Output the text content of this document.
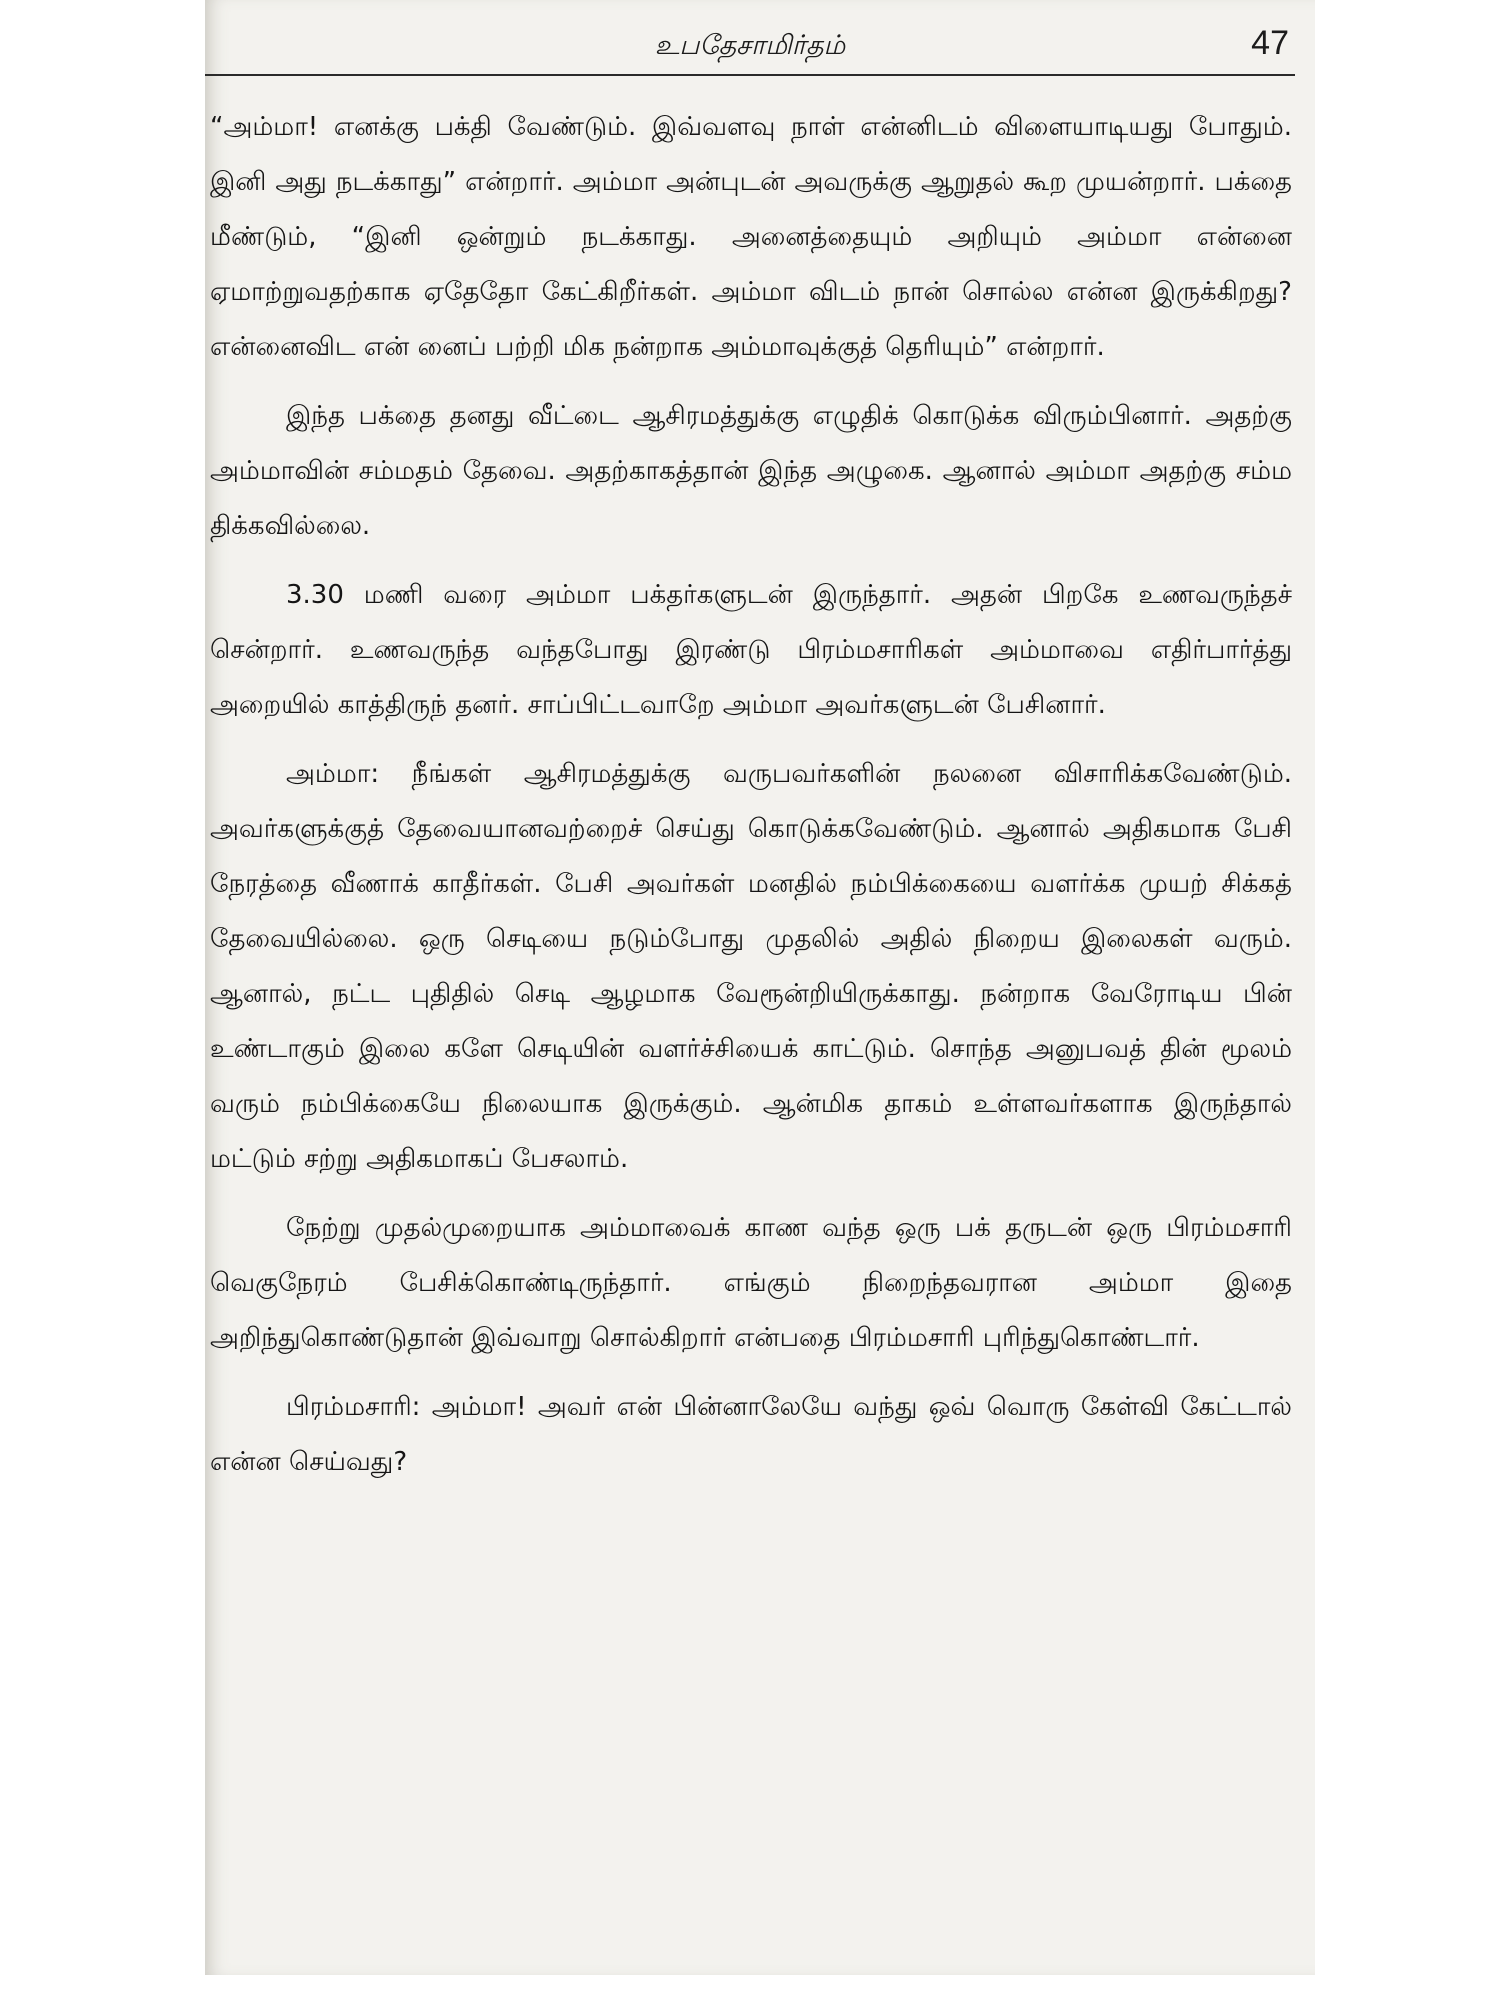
உபதேசாமிர்தம்	47

“அம்மா! எனக்கு பக்தி வேண்டும். இவ்வளவு நாள் என்னிடம் விளையாடியது போதும். இனி அது நடக்காது” என்றார். அம்மா அன்புடன் அவருக்கு ஆறுதல் கூற முயன்றார். பக்தை மீண்டும், “இனி ஒன்றும் நடக்காது. அனைத்தையும் அறியும் அம்மா என்னை ஏமாற்றுவதற்காக ஏதேதோ கேட்கிறீர்கள். அம்மா விடம் நான் சொல்ல என்ன இருக்கிறது? என்னைவிட என் னைப் பற்றி மிக நன்றாக அம்மாவுக்குத் தெரியும்” என்றார்.

இந்த பக்தை தனது வீட்டை ஆசிரமத்துக்கு எழுதிக் கொடுக்க விரும்பினார். அதற்கு அம்மாவின் சம்மதம் தேவை. அதற்காகத்தான் இந்த அழுகை. ஆனால் அம்மா அதற்கு சம்ம திக்கவில்லை.

3.30 மணி வரை அம்மா பக்தர்களுடன் இருந்தார். அதன் பிறகே உணவருந்தச் சென்றார். உணவருந்த வந்தபோது இரண்டு பிரம்மசாரிகள் அம்மாவை எதிர்பார்த்து அறையில் காத்திருந் தனர். சாப்பிட்டவாறே அம்மா அவர்களுடன் பேசினார்.

அம்மா: நீங்கள் ஆசிரமத்துக்கு வருபவர்களின் நலனை விசாரிக்கவேண்டும். அவர்களுக்குத் தேவையானவற்றைச் செய்து கொடுக்கவேண்டும். ஆனால் அதிகமாக பேசி நேரத்தை வீணாக் காதீர்கள். பேசி அவர்கள் மனதில் நம்பிக்கையை வளர்க்க முயற் சிக்கத் தேவையில்லை. ஒரு செடியை நடும்போது முதலில் அதில் நிறைய இலைகள் வரும். ஆனால், நட்ட புதிதில் செடி ஆழமாக வேரூன்றியிருக்காது. நன்றாக வேரோடிய பின் உண்டாகும் இலை களே செடியின் வளர்ச்சியைக் காட்டும். சொந்த அனுபவத் தின் மூலம் வரும் நம்பிக்கையே நிலையாக இருக்கும். ஆன்மிக தாகம் உள்ளவர்களாக இருந்தால் மட்டும் சற்று அதிகமாகப் பேசலாம்.

நேற்று முதல்முறையாக அம்மாவைக் காண வந்த ஒரு பக் தருடன் ஒரு பிரம்மசாரி வெகுநேரம் பேசிக்கொண்டிருந்தார். எங்கும் நிறைந்தவரான அம்மா இதை அறிந்துகொண்டுதான் இவ்வாறு சொல்கிறார் என்பதை பிரம்மசாரி புரிந்துகொண்டார்.

பிரம்மசாரி: அம்மா! அவர் என் பின்னாலேயே வந்து ஒவ் வொரு கேள்வி கேட்டால் என்ன செய்வது?
